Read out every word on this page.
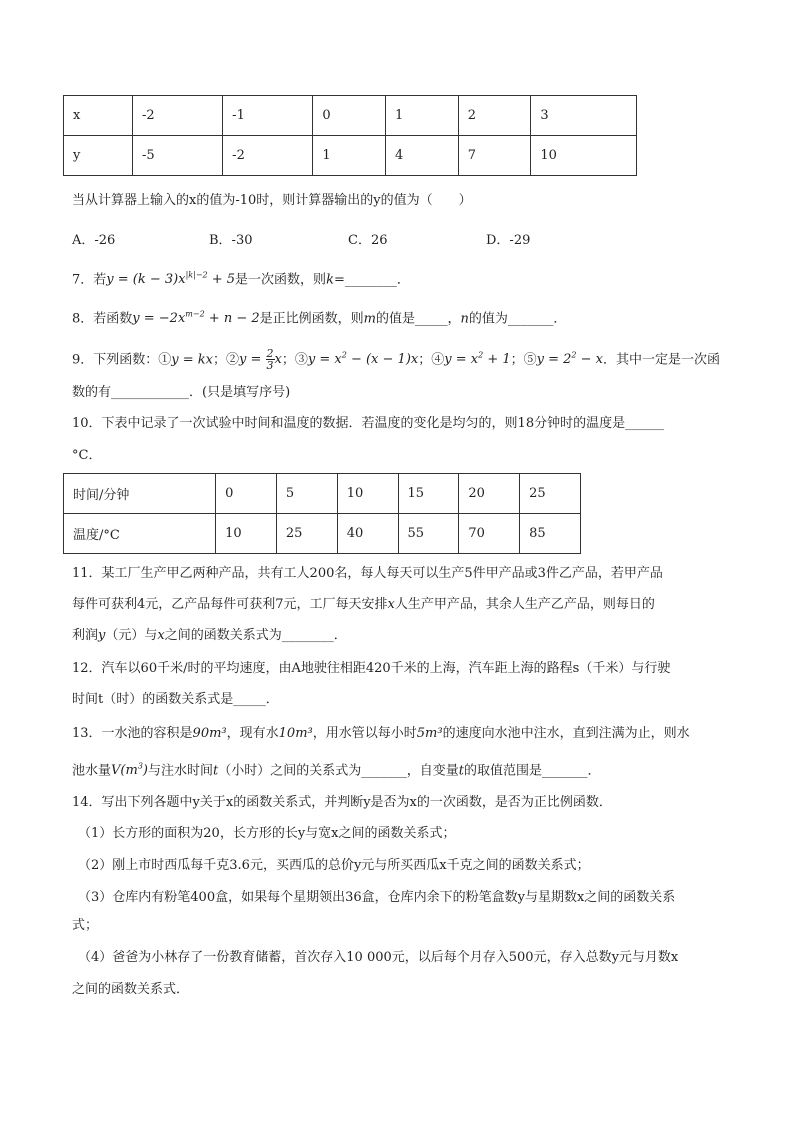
x	-2	-1	0	1	2	3
y	-5	-2	1	4	7	10
当从计算器上输入的x的值为-10时，则计算器输出的y的值为（　　）
A．-26	B．-30	C．26	D．-29
7．若$y = (k - 3)x^{|k|-2} + 5$是一次函数，则k=________．
8．若函数$y = -2x^{m-2} + n - 2$是正比例函数，则m的值是_____，n的值为_______．
9．下列函数：①y = kx；②y = $\frac{2}{3}$ x；③y = $x^2 - (x - 1)x$；④y = $x^2 + 1$；⑤y = $2^2 - x$．其中一定是一次函
数的有____________．(只是填写序号)
10．下表中记录了一次试验中时间和温度的数据．若温度的变化是均匀的，则18分钟时的温度是______
°C．
时间/分钟	0	5	10	15	20	25
温度/°C	10	25	40	55	70	85
11．某工厂生产甲乙两种产品，共有工人200名，每人每天可以生产5件甲产品或3件乙产品，若甲产品
每件可获利4元，乙产品每件可获利7元，工厂每天安排x人生产甲产品，其余人生产乙产品，则每日的
利润y（元）与x之间的函数关系式为________．
12．汽车以60千米/时的平均速度，由A地驶往相距420千米的上海，汽车距上海的路程s（千米）与行驶
时间t（时）的函数关系式是_____．
13．一水池的容积是90m³，现有水10m³，用水管以每小时5m³的速度向水池中注水，直到注满为止，则水
池水量$V(m^3)$与注水时间t（小时）之间的关系式为_______，自变量t的取值范围是_______．
14．写出下列各题中y关于x的函数关系式，并判断y是否为x的一次函数，是否为正比例函数．
（1）长方形的面积为20，长方形的长y与宽x之间的函数关系式；
（2）刚上市时西瓜每千克3.6元，买西瓜的总价y元与所买西瓜x千克之间的函数关系式；
（3）仓库内有粉笔400盒，如果每个星期领出36盒，仓库内余下的粉笔盒数y与星期数x之间的函数关系
式；
（4）爸爸为小林存了一份教育储蓄，首次存入10 000元，以后每个月存入500元，存入总数y元与月数x
之间的函数关系式．
